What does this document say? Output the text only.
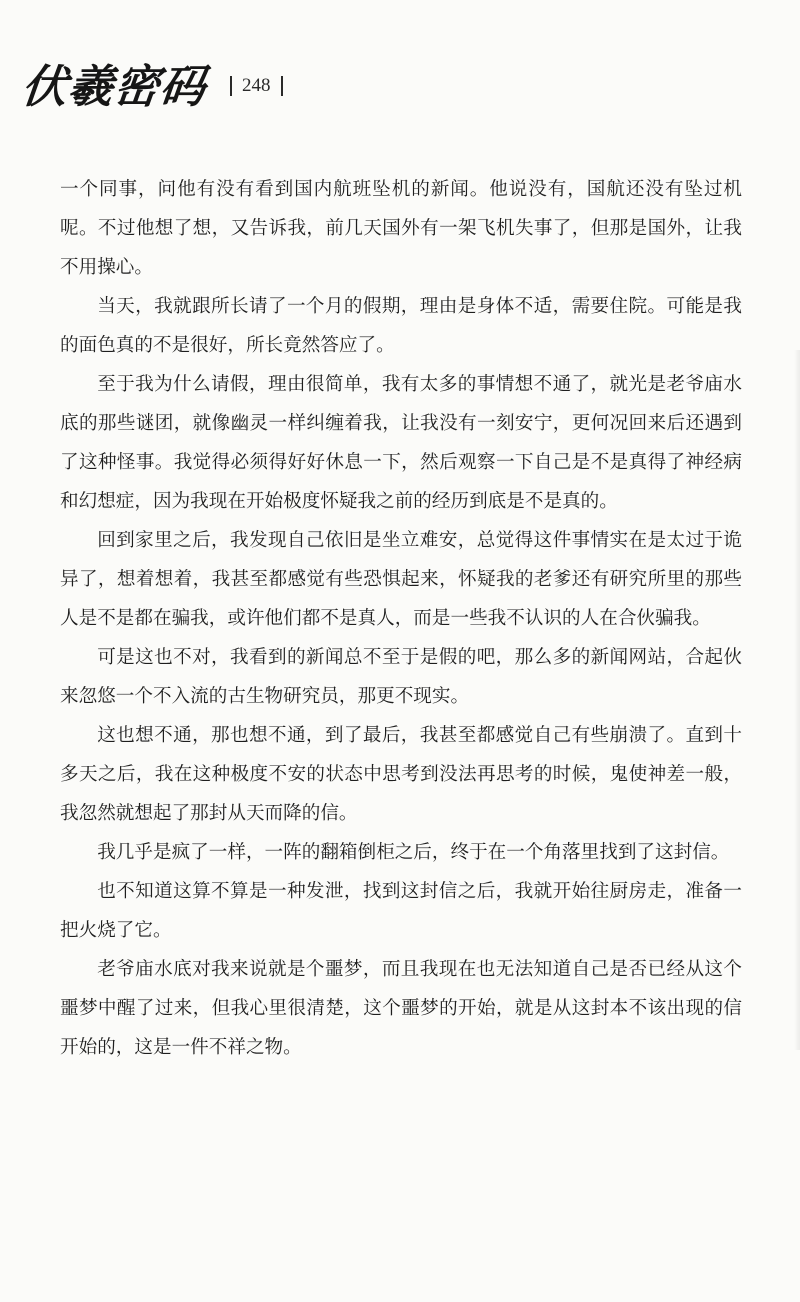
伏羲密码 248

一个同事，问他有没有看到国内航班坠机的新闻。他说没有，国航还没有坠过机呢。不过他想了想，又告诉我，前几天国外有一架飞机失事了，但那是国外，让我不用操心。

当天，我就跟所长请了一个月的假期，理由是身体不适，需要住院。可能是我的面色真的不是很好，所长竟然答应了。

至于我为什么请假，理由很简单，我有太多的事情想不通了，就光是老爷庙水底的那些谜团，就像幽灵一样纠缠着我，让我没有一刻安宁，更何况回来后还遇到了这种怪事。我觉得必须得好好休息一下，然后观察一下自己是不是真得了神经病和幻想症，因为我现在开始极度怀疑我之前的经历到底是不是真的。

回到家里之后，我发现自己依旧是坐立难安，总觉得这件事情实在是太过于诡异了，想着想着，我甚至都感觉有些恐惧起来，怀疑我的老爹还有研究所里的那些人是不是都在骗我，或许他们都不是真人，而是一些我不认识的人在合伙骗我。

可是这也不对，我看到的新闻总不至于是假的吧，那么多的新闻网站，合起伙来忽悠一个不入流的古生物研究员，那更不现实。

这也想不通，那也想不通，到了最后，我甚至都感觉自己有些崩溃了。直到十多天之后，我在这种极度不安的状态中思考到没法再思考的时候，鬼使神差一般，我忽然就想起了那封从天而降的信。

我几乎是疯了一样，一阵的翻箱倒柜之后，终于在一个角落里找到了这封信。

也不知道这算不算是一种发泄，找到这封信之后，我就开始往厨房走，准备一把火烧了它。

老爷庙水底对我来说就是个噩梦，而且我现在也无法知道自己是否已经从这个噩梦中醒了过来，但我心里很清楚，这个噩梦的开始，就是从这封本不该出现的信开始的，这是一件不祥之物。
